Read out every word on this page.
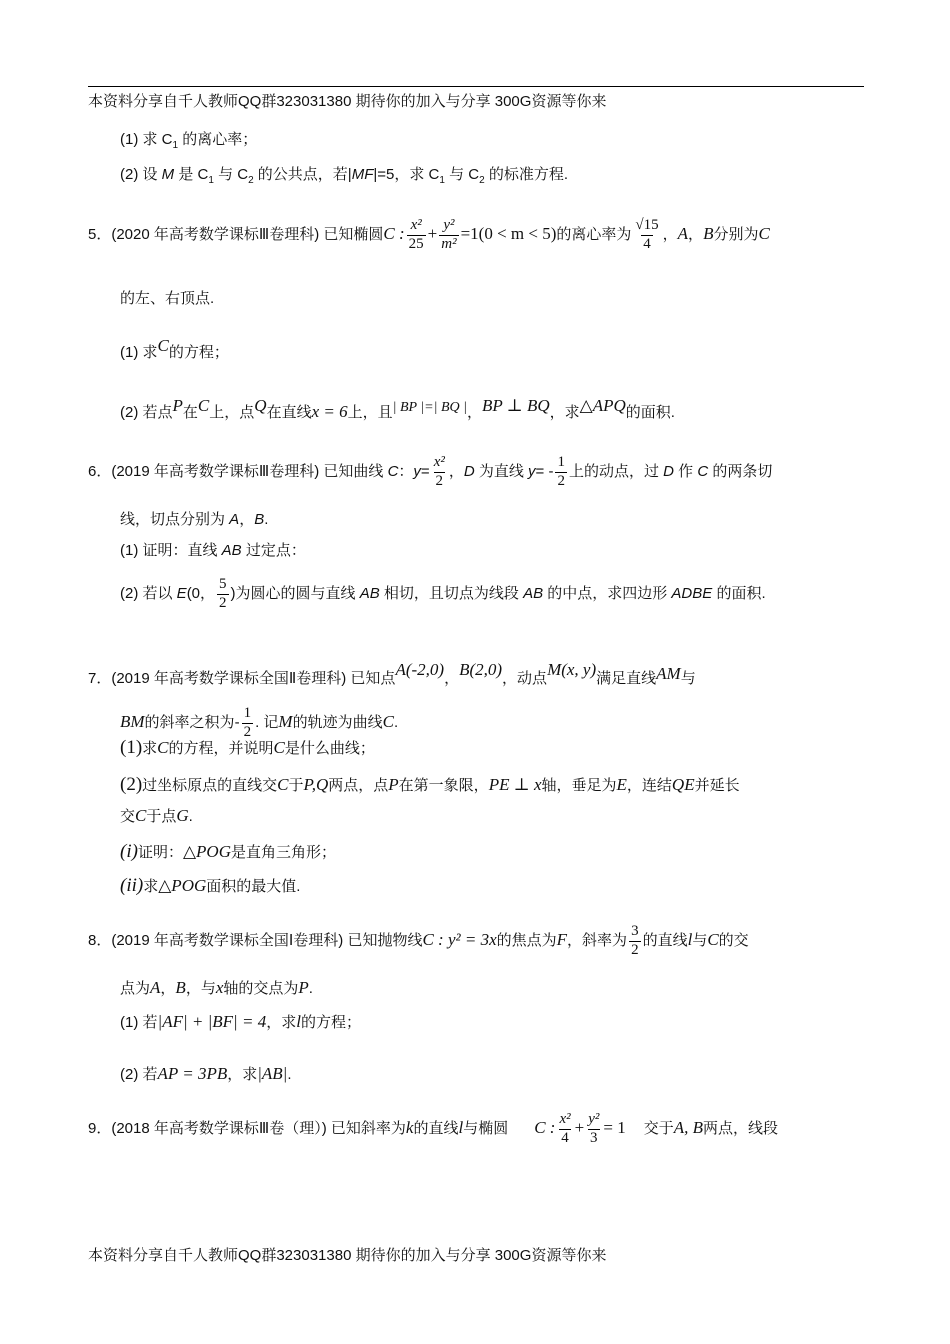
本资料分享自千人教师QQ群323031380 期待你的加入与分享 300G资源等你来
(1) 求 $C_1$ 的离心率；
(2) 设 M 是 $C_1$ 与 $C_2$ 的公共点，若|MF|=5，求 $C_1$ 与 $C_2$ 的标准方程.
5．(2020 年高考数学课标Ⅲ卷理科) 已知椭圆C : $\frac{\text{x²}}{25} + \frac{\text{y²}}{\text{m²}} =1(0 < m < 5)$的离心率为 $\frac{√15}{4}$ ，A，B分别为C
的左、右顶点.
(1) 求C的方程；
(2) 若点P在C上，点Q在直线x = 6上，且| BP |=| BQ |，BP ⊥ BQ，求△APQ的面积.
6．(2019 年高考数学课标Ⅲ卷理科) 已知曲线 C：$y= \frac{\text{x²}}{2}$ ，D 为直线 $y= - \frac{1}{2}$ 上的动点，过 D 作 C 的两条切
线，切点分别为 A，B.
(1) 证明：直线 AB 过定点：
(2) 若以 E(0， $\frac{5}{2}$ )为圆心的圆与直线 AB 相切，且切点为线段 AB 的中点，求四边形 ADBE 的面积.
7．(2019 年高考数学课标全国Ⅱ卷理科) 已知点A(-2,0)，B(2,0)，动点M(x, y)满足直线AM与
BM的斜率之积为- $\frac{1}{2}$ . 记M的轨迹为曲线C.
(1)求C的方程，并说明C是什么曲线；
(2)过坐标原点的直线交C于P,Q两点，点P在第一象限，PE ⊥ x轴，垂足为E，连结QE并延长
交C于点G.
(i)证明：△POG是直角三角形；
(ii)求△POG面积的最大值.
8．(2019 年高考数学课标全国Ⅰ卷理科) 已知抛物线C : y² = 3x的焦点为F，斜率为 $\frac{3}{2}$ 的直线l与C的交
点为A，B，与x轴的交点为P.
(1) 若|AF| + |BF| = 4，求l的方程；
(2) 若AP = 3PB，求|AB|.
9．(2018 年高考数学课标Ⅲ卷（理）) 已知斜率为k的直线l与椭圆 C : $\frac{\text{x²}}{4} + \frac{\text{y²}}{3} = 1$ 交于A, B两点，线段
本资料分享自千人教师QQ群323031380 期待你的加入与分享 300G资源等你来
